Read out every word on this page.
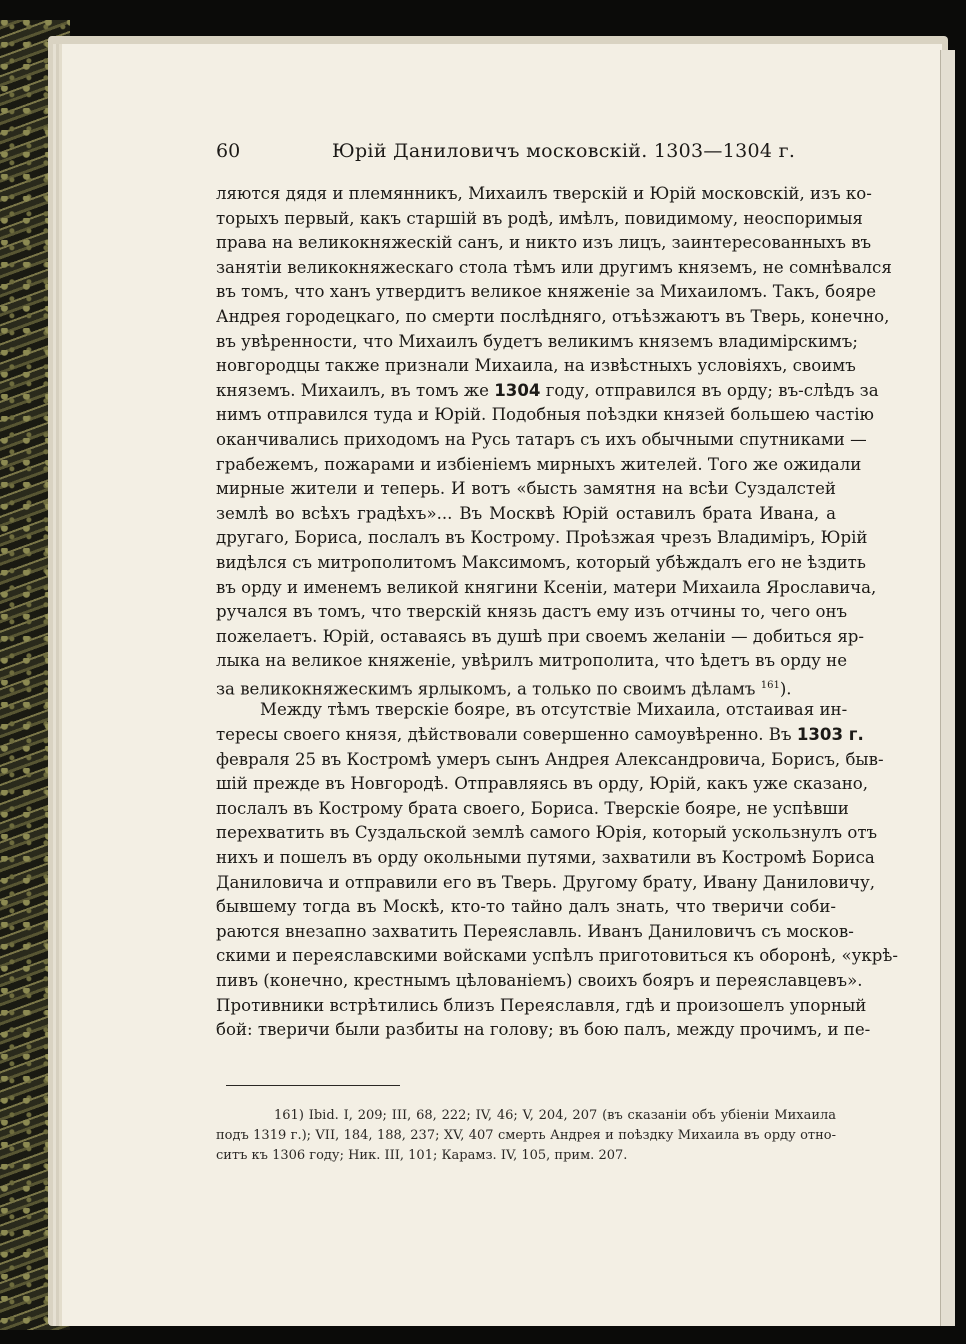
60	Юрій Даниловичъ московскій. 1303—1304 г.
ляются дядя и племянникъ, Михаилъ тверскій и Юрій московскій, изъ ко-
торыхъ первый, какъ старшій въ родѣ, имѣлъ, повидимому, неоспоримыя
права на великокняжескій санъ, и никто изъ лицъ, заинтересованныхъ въ
занятіи великокняжескаго стола тѣмъ или другимъ княземъ, не сомнѣвался
въ томъ, что ханъ утвердитъ великое княженіе за Михаиломъ. Такъ, бояре
Андрея городецкаго, по смерти послѣдняго, отъѣзжаютъ въ Тверь, конечно,
въ увѣренности, что Михаилъ будетъ великимъ княземъ владимірскимъ;
новгородцы также признали Михаила, на извѣстныхъ условіяхъ, своимъ
княземъ. Михаилъ, въ томъ же 1304 году, отправился въ орду; въ-слѣдъ за
нимъ отправился туда и Юрій. Подобныя поѣздки князей большею частію
оканчивались приходомъ на Русь татаръ съ ихъ обычными спутниками —
грабежемъ, пожарами и избіеніемъ мирныхъ жителей. Того же ожидали
мирные жители и теперь. И вотъ «бысть замятня на всѣи Суздалстей
землѣ во всѣхъ градѣхъ»... Въ Москвѣ Юрій оставилъ брата Ивана, а
другаго, Бориса, послалъ въ Кострому. Проѣзжая чрезъ Владиміръ, Юрій
видѣлся съ митрополитомъ Максимомъ, который убѣждалъ его не ѣздить
въ орду и именемъ великой княгини Ксеніи, матери Михаила Ярославича,
ручался въ томъ, что тверскій князь дастъ ему изъ отчины то, чего онъ
пожелаетъ. Юрій, оставаясь въ душѣ при своемъ желаніи — добиться яр-
лыка на великое княженіе, увѣрилъ митрополита, что ѣдетъ въ орду не
за великокняжескимъ ярлыкомъ, а только по своимъ дѣламъ $^{161}$).
Между тѣмъ тверскіе бояре, въ отсутствіе Михаила, отстаивая ин-
тересы своего князя, дѣйствовали совершенно самоувѣренно. Въ 1303 г.
февраля 25 въ Костромѣ умеръ сынъ Андрея Александровича, Борисъ, быв-
шій прежде въ Новгородѣ. Отправляясь въ орду, Юрій, какъ уже сказано,
послалъ въ Кострому брата своего, Бориса. Тверскіе бояре, не успѣвши
перехватить въ Суздальской землѣ самого Юрія, который ускользнулъ отъ
нихъ и пошелъ въ орду окольными путями, захватили въ Костромѣ Бориса
Даниловича и отправили его въ Тверь. Другому брату, Ивану Даниловичу,
бывшему тогда въ Москѣ, кто-то тайно далъ знать, что тверичи соби-
раются внезапно захватить Переяславль. Иванъ Даниловичъ съ москов-
скими и переяславскими войсками успѣлъ приготовиться къ оборонѣ, «укрѣ-
пивъ (конечно, крестнымъ цѣлованіемъ) своихъ бояръ и переяславцевъ».
Противники встрѣтились близъ Переяславля, гдѣ и произошелъ упорный
бой: тверичи были разбиты на голову; въ бою палъ, между прочимъ, и пе-
161) Ibid. I, 209; III, 68, 222; IV, 46; V, 204, 207 (въ сказаніи объ убіеніи Михаила
подъ 1319 г.); VII, 184, 188, 237; XV, 407 смерть Андрея и поѣздку Михаила въ орду отно-
ситъ къ 1306 году; Ник. III, 101; Карамз. IV, 105, прим. 207.
